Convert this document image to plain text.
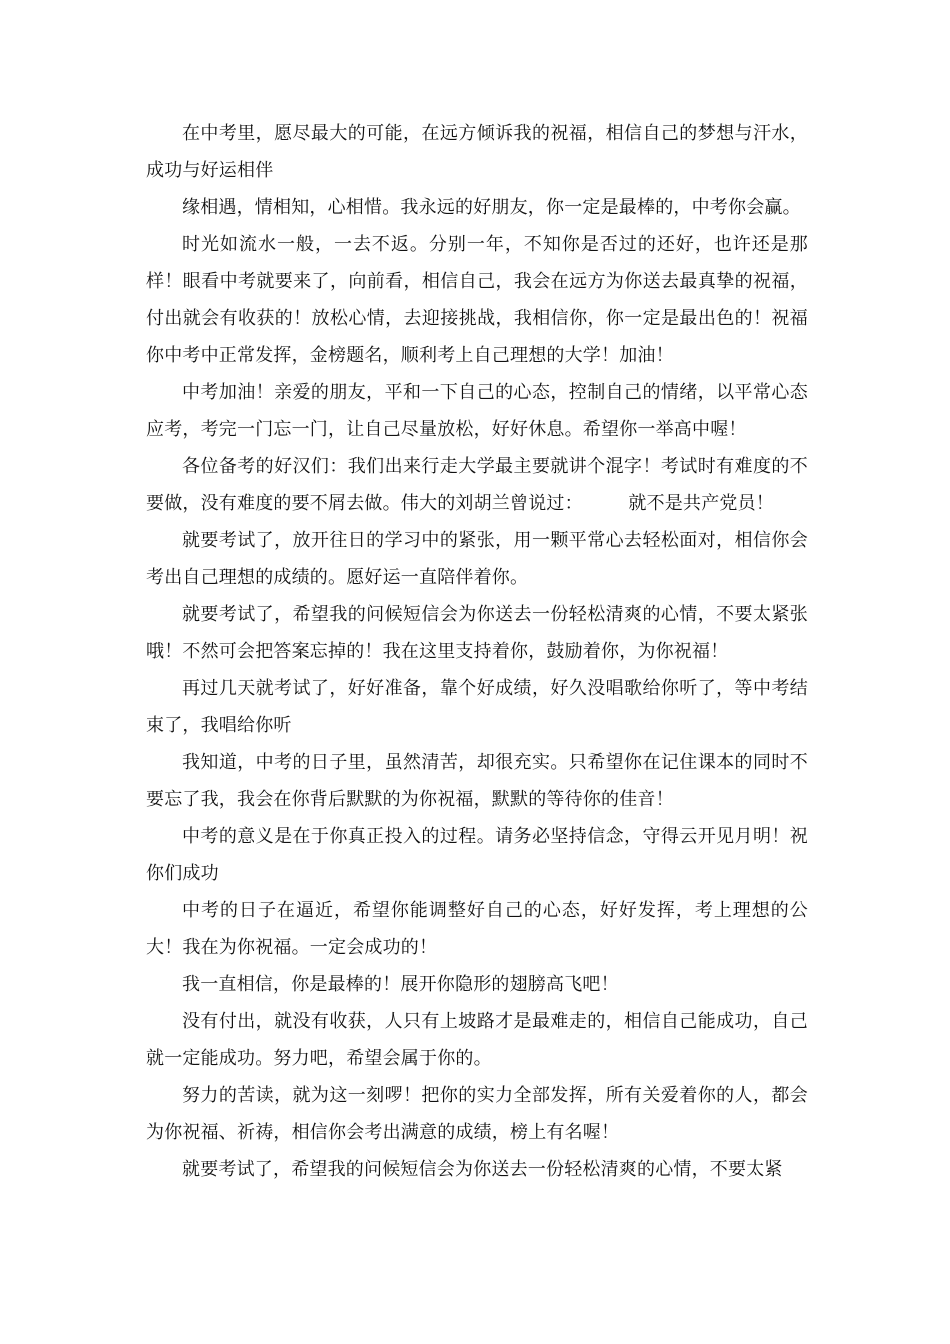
在中考里，愿尽最大的可能，在远方倾诉我的祝福，相信自己的梦想与汗水，成功与好运相伴

缘相遇，情相知，心相惜。我永远的好朋友，你一定是最棒的，中考你会赢。

时光如流水一般，一去不返。分别一年，不知你是否过的还好，也许还是那样！眼看中考就要来了，向前看，相信自己，我会在远方为你送去最真挚的祝福，付出就会有收获的！放松心情，去迎接挑战，我相信你，你一定是最出色的！祝福你中考中正常发挥，金榜题名，顺利考上自己理想的大学！加油！

中考加油！亲爱的朋友，平和一下自己的心态，控制自己的情绪，以平常心态应考，考完一门忘一门，让自己尽量放松，好好休息。希望你一举高中喔！

各位备考的好汉们：我们出来行走大学最主要就讲个混字！考试时有难度的不要做，没有难度的要不屑去做。伟大的刘胡兰曾说过：　　　就不是共产党员！

就要考试了，放开往日的学习中的紧张，用一颗平常心去轻松面对，相信你会考出自己理想的成绩的。愿好运一直陪伴着你。

就要考试了，希望我的问候短信会为你送去一份轻松清爽的心情，不要太紧张哦！不然可会把答案忘掉的！我在这里支持着你，鼓励着你，为你祝福！

再过几天就考试了，好好准备，靠个好成绩，好久没唱歌给你听了，等中考结束了，我唱给你听

我知道，中考的日子里，虽然清苦，却很充实。只希望你在记住课本的同时不要忘了我，我会在你背后默默的为你祝福，默默的等待你的佳音！

中考的意义是在于你真正投入的过程。请务必坚持信念，守得云开见月明！祝你们成功

中考的日子在逼近，希望你能调整好自己的心态，好好发挥，考上理想的公大！我在为你祝福。一定会成功的！

我一直相信，你是最棒的！展开你隐形的翅膀高飞吧！

没有付出，就没有收获，人只有上坡路才是最难走的，相信自己能成功，自己就一定能成功。努力吧，希望会属于你的。

努力的苦读，就为这一刻啰！把你的实力全部发挥，所有关爱着你的人，都会为你祝福、祈祷，相信你会考出满意的成绩，榜上有名喔！

就要考试了，希望我的问候短信会为你送去一份轻松清爽的心情，不要太紧
